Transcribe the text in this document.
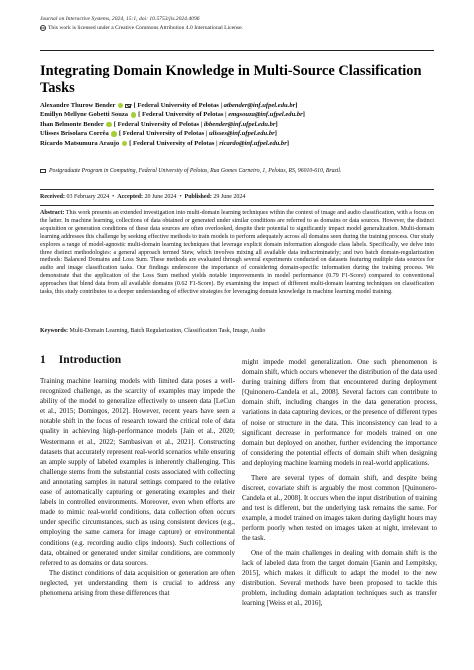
Journal on Interactive Systems, 2024, 15:1, doi: 10.5753/jis.2024.4096
cc This work is licensed under a Creative Commons Attribution 4.0 International License.
Integrating Domain Knowledge in Multi-Source Classification Tasks
Alexandre Thurow Bender	[ Federal University of Pelotas |
atbender@inf.ufpel.edu.br ]
Emillyn Mellyne Gobetti Souza [ Federal University of Pelotas |
emgsouza@inf.ufpel.edu.br ]
Ihan Belmonte Bender [ Federal University of Pelotas |
ibbender@inf.ufpel.edu.br ]
Ulisses Brisolara Corrêa [ Federal University of Pelotas |
ulisses@inf.ufpel.edu.br ]
Ricardo Matsumura Araujo [ Federal University of Pelotas |
ricardo@inf.ufpel.edu.br ]
Postgraduate Program in Computing, Federal University of Pelotas, Rua Gomes Carneiro, 1, Pelotas, RS, 96010-610, Brazil.
Received: 03 February 2024 • Accepted: 20 June 2024 • Published: 29 June 2024
Abstract: This work presents an extended investigation into multi-domain learning techniques within the context of image and audio classification, with a focus on the latter. In machine learning, collections of data obtained or generated under similar conditions are referred to as domains or data sources. However, the distinct acquisition or generation conditions of these data sources are often overlooked, despite their potential to significantly impact model generalization. Multi-domain learning addresses this challenge by seeking effective methods to train models to perform adequately across all domains seen during the training process. Our study explores a range of model-agnostic multi-domain learning techniques that leverage explicit domain information alongside class labels. Specifically, we delve into three distinct methodologies: a general approach termed Stew, which involves mixing all available data indiscriminately; and two batch domain-regularization methods: Balanced Domains and Loss Sum. These methods are evaluated through several experiments conducted on datasets featuring multiple data sources for audio and image classification tasks. Our findings underscore the importance of considering domain-specific information during the training process. We demonstrate that the application of the Loss Sum method yields notable improvements in model performance (0.79 F1-Score) compared to conventional approaches that blend data from all available domains (0.62 F1-Score). By examining the impact of different multi-domain learning techniques on classification tasks, this study contributes to a deeper understanding of effective strategies for leveraging domain knowledge in machine learning model training.
Keywords: Multi-Domain Learning, Batch Regularization, Classification Task, Image, Audio
1 Introduction

Training machine learning models with limited data poses a well-recognized challenge, as the scarcity of examples may impede the ability of the model to generalize effectively to unseen data [LeCun et al., 2015; Domingos, 2012]. However, recent years have seen a notable shift in the focus of research toward the critical role of data quality in achieving high-performance models [Jain et al., 2020; Westermann et al., 2022; Sambasivan et al., 2021]. Constructing datasets that accurately represent real-world scenarios while ensuring an ample supply of labeled examples is inherently challenging. This challenge stems from the substantial costs associated with collecting and annotating samples in natural settings compared to the relative ease of automatically capturing or generating examples and their labels in controlled environments. Moreover, even when efforts are made to mimic real-world conditions, data collection often occurs under specific circumstances, such as using consistent devices (e.g., employing the same camera for image capture) or environmental conditions (e.g. recording audio clips indoors). Such collections of data, obtained or generated under similar conditions, are commonly referred to as domains or data sources.

The distinct conditions of data acquisition or generation are often neglected, yet understanding them is crucial to address any phenomena arising from these differences that

might impede model generalization. One such phenomenon is domain shift, which occurs whenever the distribution of the data used during training differs from that encountered during deployment [Quinonero-Candela et al., 2008]. Several factors can contribute to domain shift, including changes in the data generation process, variations in data capturing devices, or the presence of different types of noise or structure in the data. This inconsistency can lead to a significant decrease in performance for models trained on one domain but deployed on another, further evidencing the importance of considering the potential effects of domain shift when designing and deploying machine learning models in real-world applications.

There are several types of domain shift, and despite being discreet, covariate shift is arguably the most common [Quinonero-Candela et al., 2008]. It occurs when the input distribution of training and test is different, but the underlying task remains the same. For example, a model trained on images taken during daylight hours may perform poorly when tested on images taken at night, irrelevant to the task.

One of the main challenges in dealing with domain shift is the lack of labeled data from the target domain [Ganin and Lempitsky, 2015], which makes it difficult to adapt the model to the new distribution. Several methods have been proposed to tackle this problem, including domain adaptation techniques such as transfer learning [Weiss et al., 2016],
